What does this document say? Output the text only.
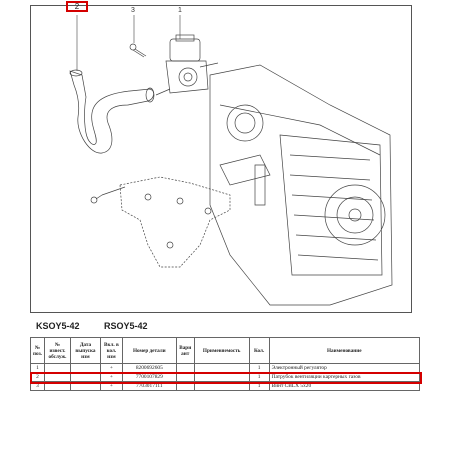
2	3	1
KSOY5-42	RSOY5-42
№ поз.	№ извест. обслуж.	Дата выпуска изм	Вкл. в кол. изм	Номер детали	Вари ант	Применяемость	Кол.	Наименование
1			+	8200692605			1	Электронный регулятор
2			+	7700107829			1	Патрубок вентиляции картерных газов
3			+	7703017111			1	Винт CBLX 5x20
